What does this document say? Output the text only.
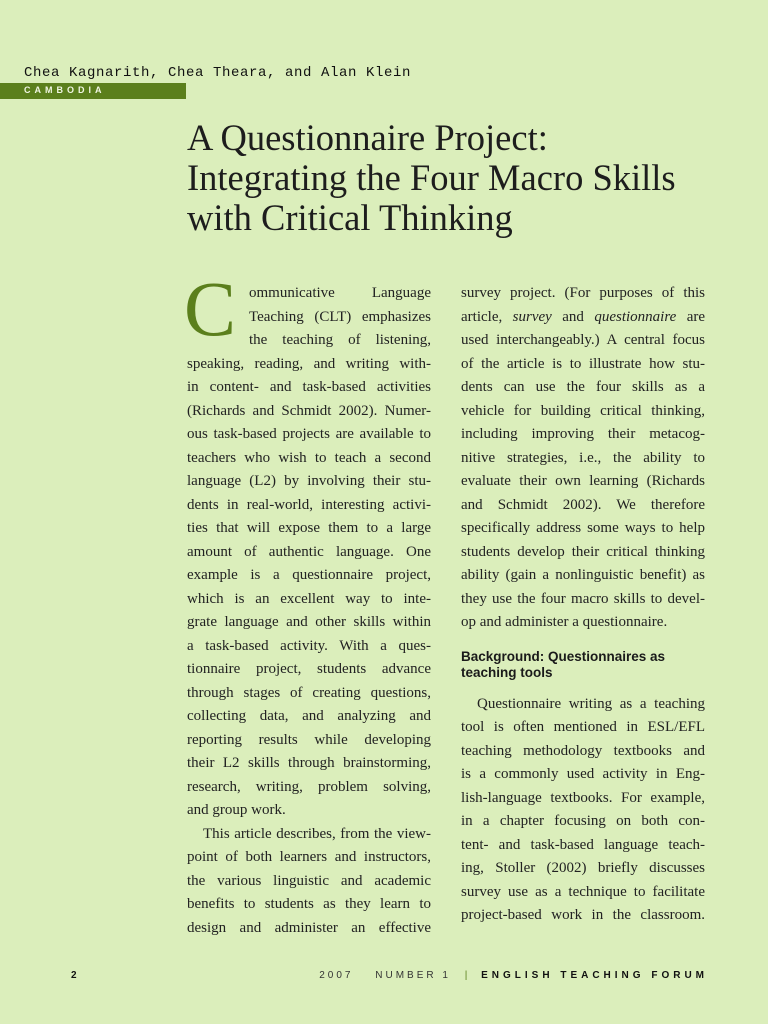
Chea Kagnarith, Chea Theara, and Alan Klein
CAMBODIA
A Questionnaire Project:
Integrating the Four Macro Skills
with Critical Thinking
C ommunicative Language
Teaching (CLT) emphasizes
the teaching of listening,
speaking, reading, and writing with-
in content- and task-based activities
(Richards and Schmidt 2002). Numer-
ous task-based projects are available to
teachers who wish to teach a second
language (L2) by involving their stu-
dents in real-world, interesting activi-
ties that will expose them to a large
amount of authentic language. One
example is a questionnaire project,
which is an excellent way to inte-
grate language and other skills within
a task-based activity. With a ques-
tionnaire project, students advance
through stages of creating questions,
collecting data, and analyzing and
reporting results while developing
their L2 skills through brainstorming,
research, writing, problem solving,
and group work.
This article describes, from the view-
point of both learners and instructors,
the various linguistic and academic
benefits to students as they learn to
design and administer an effective
survey project. (For purposes of this
article, survey and questionnaire are
used interchangeably.) A central focus
of the article is to illustrate how stu-
dents can use the four skills as a
vehicle for building critical thinking,
including improving their metacog-
nitive strategies, i.e., the ability to
evaluate their own learning (Richards
and Schmidt 2002). We therefore
specifically address some ways to help
students develop their critical thinking
ability (gain a nonlinguistic benefit) as
they use the four macro skills to devel-
op and administer a questionnaire.
Background: Questionnaires as
teaching tools
Questionnaire writing as a teaching
tool is often mentioned in ESL/EFL
teaching methodology textbooks and
is a commonly used activity in Eng-
lish-language textbooks. For example,
in a chapter focusing on both con-
tent- and task-based language teach-
ing, Stoller (2002) briefly discusses
survey use as a technique to facilitate
project-based work in the classroom.
2	2007 NUMBER 1 | ENGLISH TEACHING FORUM
